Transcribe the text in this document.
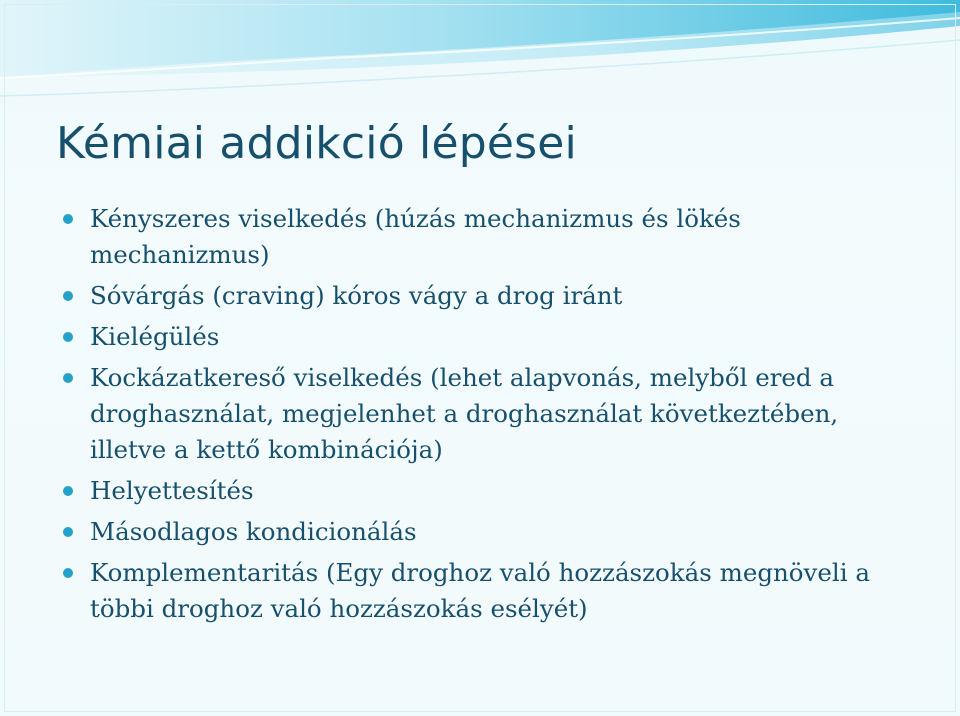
Kémiai addikció lépései
Kényszeres viselkedés (húzás mechanizmus és lökés mechanizmus)
Sóvárgás (craving) kóros vágy a drog iránt
Kielégülés
Kockázatkereső viselkedés (lehet alapvonás, melyből ered a droghasználat, megjelenhet a droghasználat következtében, illetve a kettő kombinációja)
Helyettesítés
Másodlagos kondicionálás
Komplementaritás (Egy droghoz való hozzászokás megnöveli a többi droghoz való hozzászokás esélyét)
